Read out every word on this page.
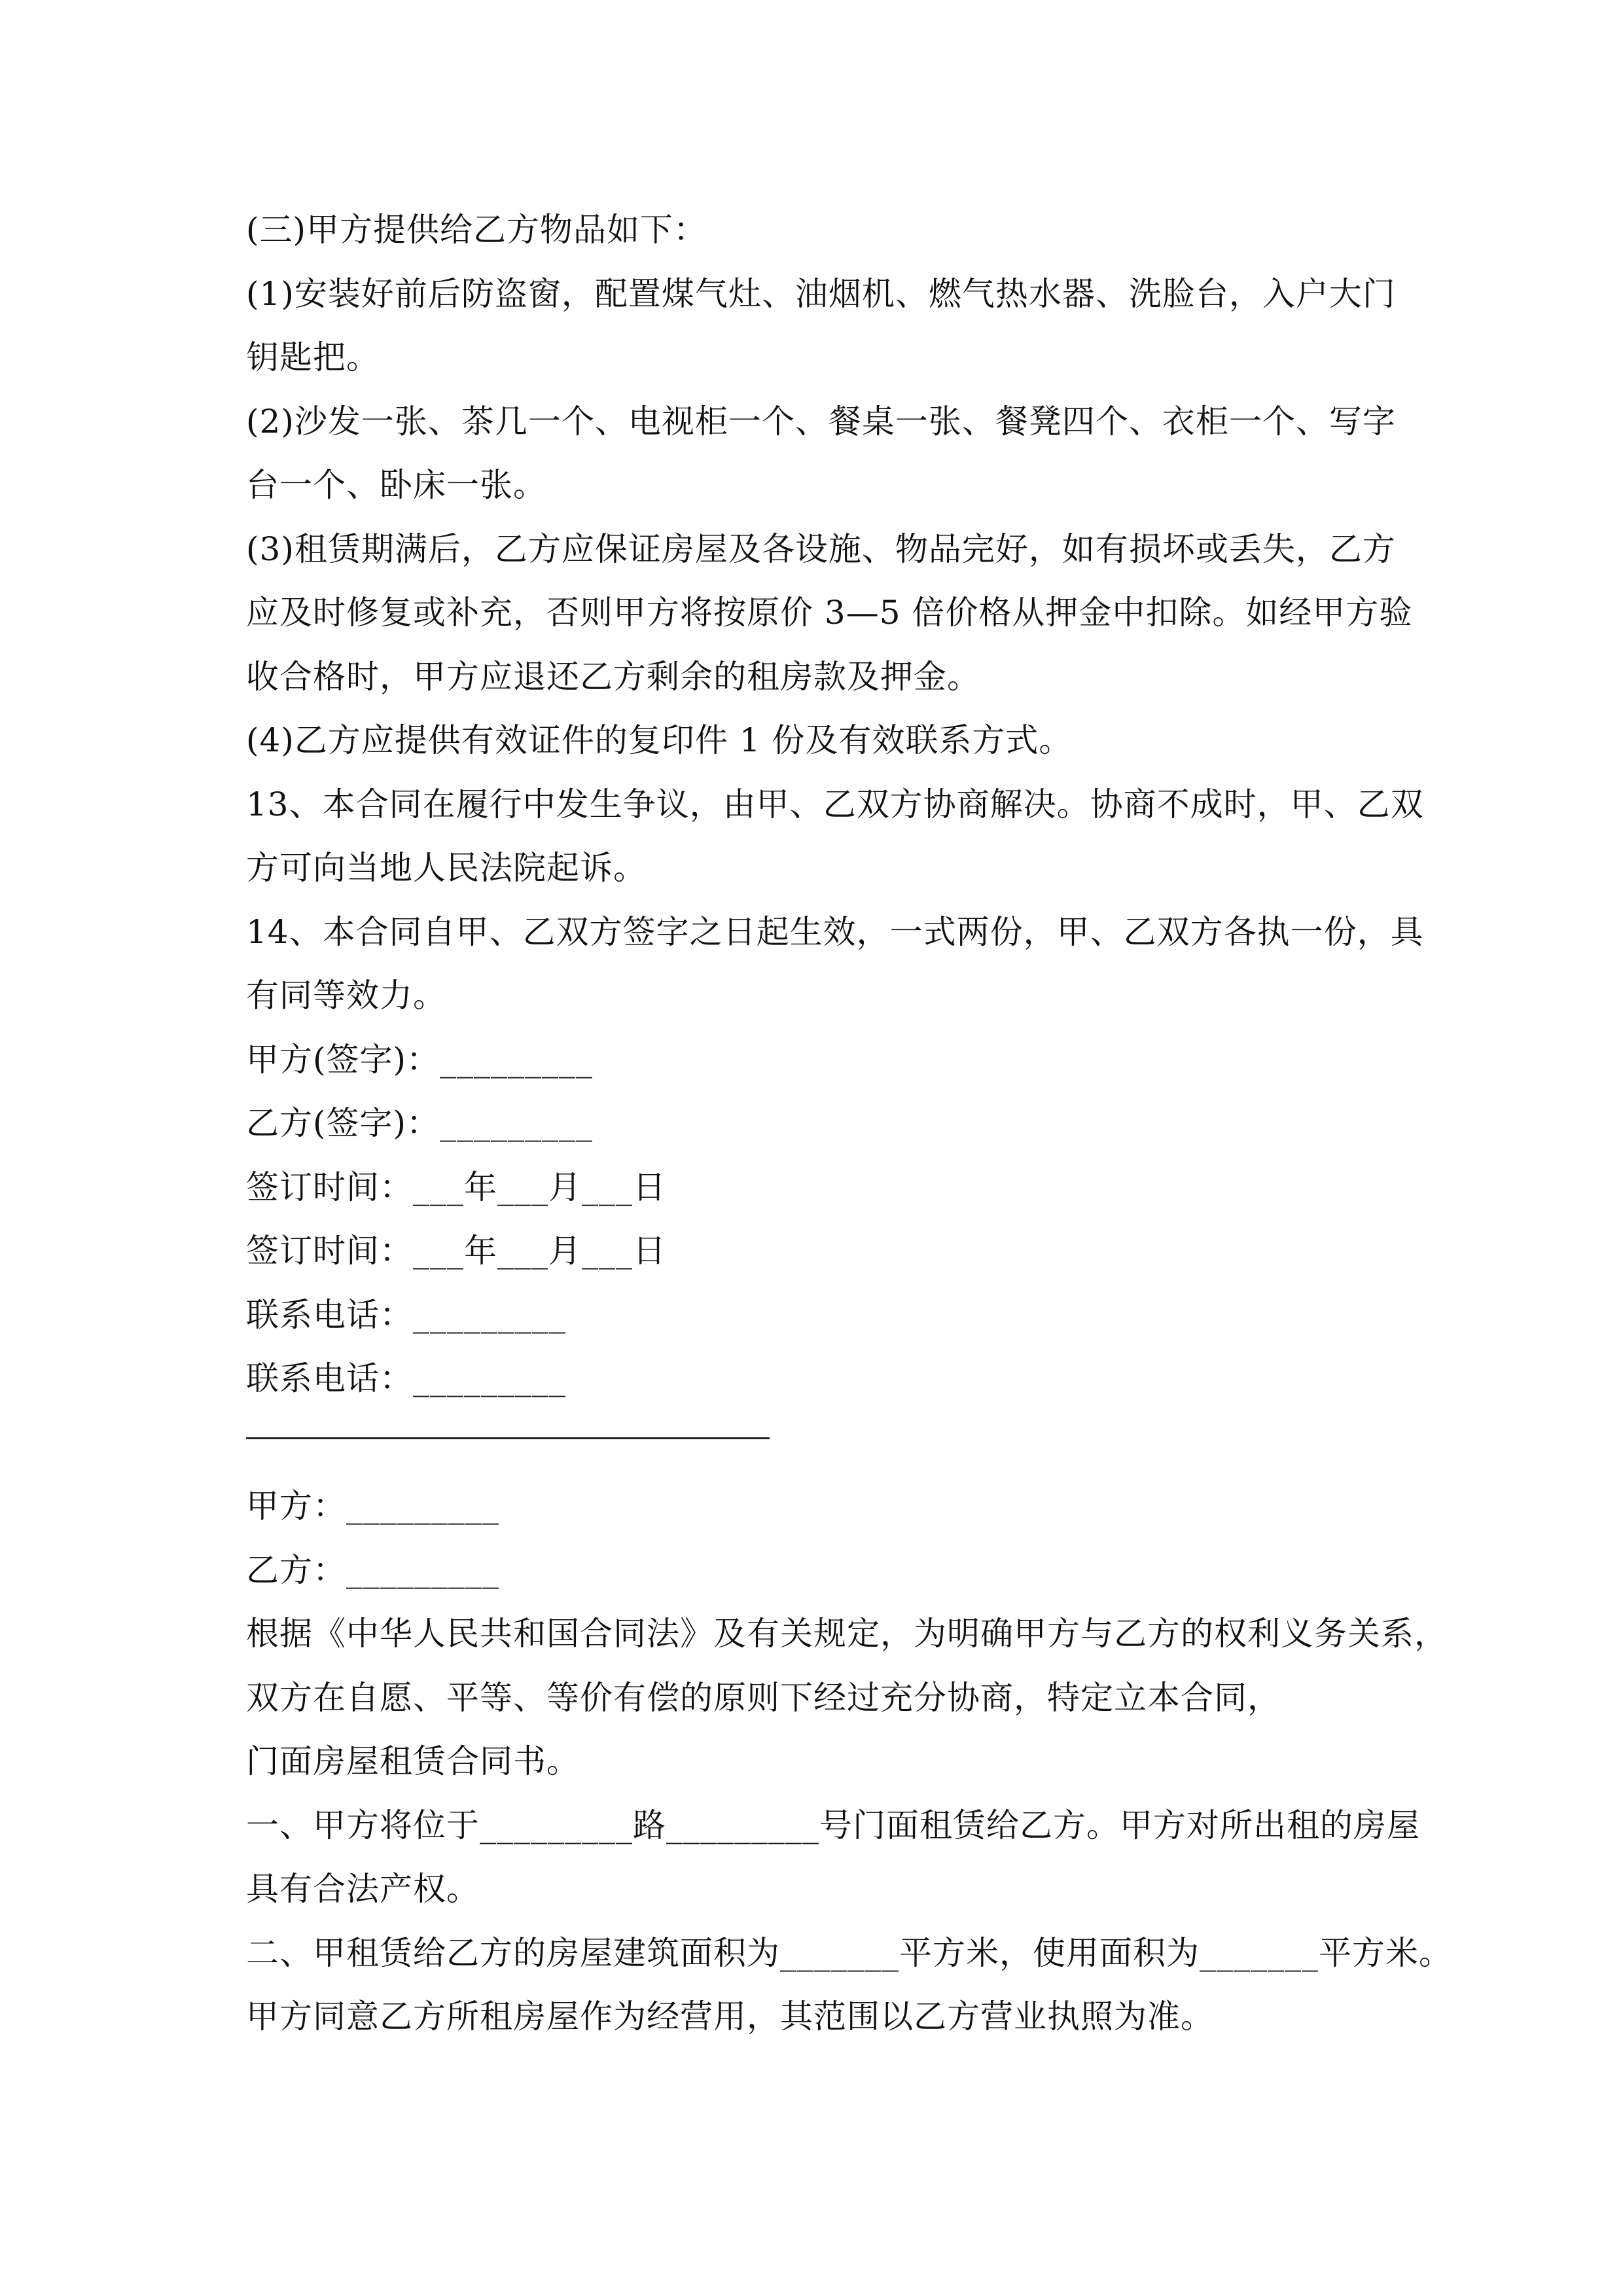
(三)甲方提供给乙方物品如下：
(1)安装好前后防盗窗，配置煤气灶、油烟机、燃气热水器、洗脸台，入户大门
钥匙把。
(2)沙发一张、茶几一个、电视柜一个、餐桌一张、餐凳四个、衣柜一个、写字
台一个、卧床一张。
(3)租赁期满后，乙方应保证房屋及各设施、物品完好，如有损坏或丢失，乙方
应及时修复或补充，否则甲方将按原价 3—5 倍价格从押金中扣除。如经甲方验
收合格时，甲方应退还乙方剩余的租房款及押金。
(4)乙方应提供有效证件的复印件 1 份及有效联系方式。
13、本合同在履行中发生争议，由甲、乙双方协商解决。协商不成时，甲、乙双
方可向当地人民法院起诉。
14、本合同自甲、乙双方签字之日起生效，一式两份，甲、乙双方各执一份，具
有同等效力。
甲方(签字)：_________
乙方(签字)：_________
签订时间：___年___月___日
签订时间：___年___月___日
联系电话：_________
联系电话：_________
甲方：_________
乙方：_________
根据《中华人民共和国合同法》及有关规定，为明确甲方与乙方的权利义务关系，
双方在自愿、平等、等价有偿的原则下经过充分协商，特定立本合同，
门面房屋租赁合同书。
一、甲方将位于_________路_________号门面租赁给乙方。甲方对所出租的房屋
具有合法产权。
二、甲租赁给乙方的房屋建筑面积为_______平方米，使用面积为_______平方米。
甲方同意乙方所租房屋作为经营用，其范围以乙方营业执照为准。
